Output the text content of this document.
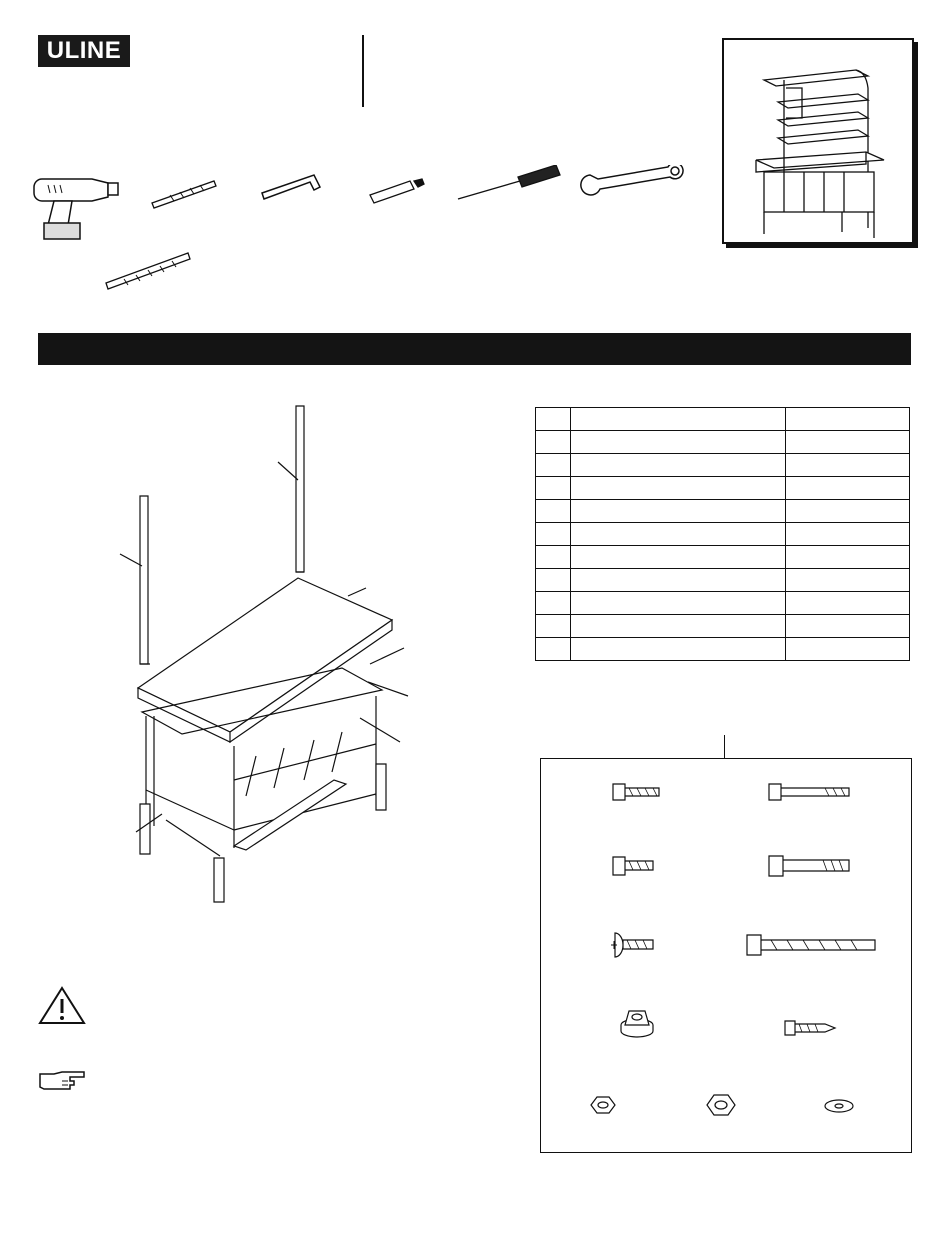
ULINE
